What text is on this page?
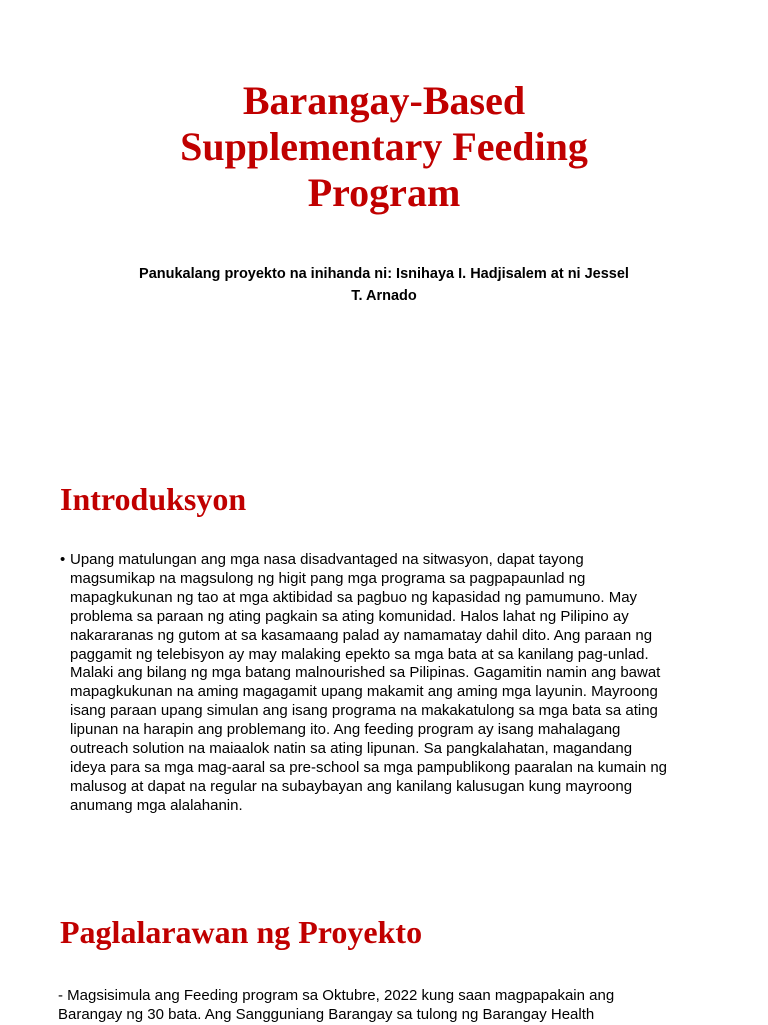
Barangay-Based
Supplementary Feeding
Program
Panukalang proyekto na inihanda ni: Isnihaya I. Hadjisalem at ni Jessel
T. Arnado
Introduksyon
• Upang matulungan ang mga nasa disadvantaged na sitwasyon, dapat tayong
magsumikap na magsulong ng higit pang mga programa sa pagpapaunlad ng
mapagkukunan ng tao at mga aktibidad sa pagbuo ng kapasidad ng pamumuno. May
problema sa paraan ng ating pagkain sa ating komunidad. Halos lahat ng Pilipino ay
nakararanas ng gutom at sa kasamaang palad ay namamatay dahil dito. Ang paraan ng
paggamit ng telebisyon ay may malaking epekto sa mga bata at sa kanilang pag-unlad.
Malaki ang bilang ng mga batang malnourished sa Pilipinas. Gagamitin namin ang bawat
mapagkukunan na aming magagamit upang makamit ang aming mga layunin. Mayroong
isang paraan upang simulan ang isang programa na makakatulong sa mga bata sa ating
lipunan na harapin ang problemang ito. Ang feeding program ay isang mahalagang
outreach solution na maiaalok natin sa ating lipunan. Sa pangkalahatan, magandang
ideya para sa mga mag-aaral sa pre-school sa mga pampublikong paaralan na kumain ng
malusog at dapat na regular na subaybayan ang kanilang kalusugan kung mayroong
anumang mga alalahanin.
Paglalarawan ng Proyekto
- Magsisimula ang Feeding program sa Oktubre, 2022 kung saan magpapakain ang
Barangay ng 30 bata. Ang Sangguniang Barangay sa tulong ng Barangay Health
